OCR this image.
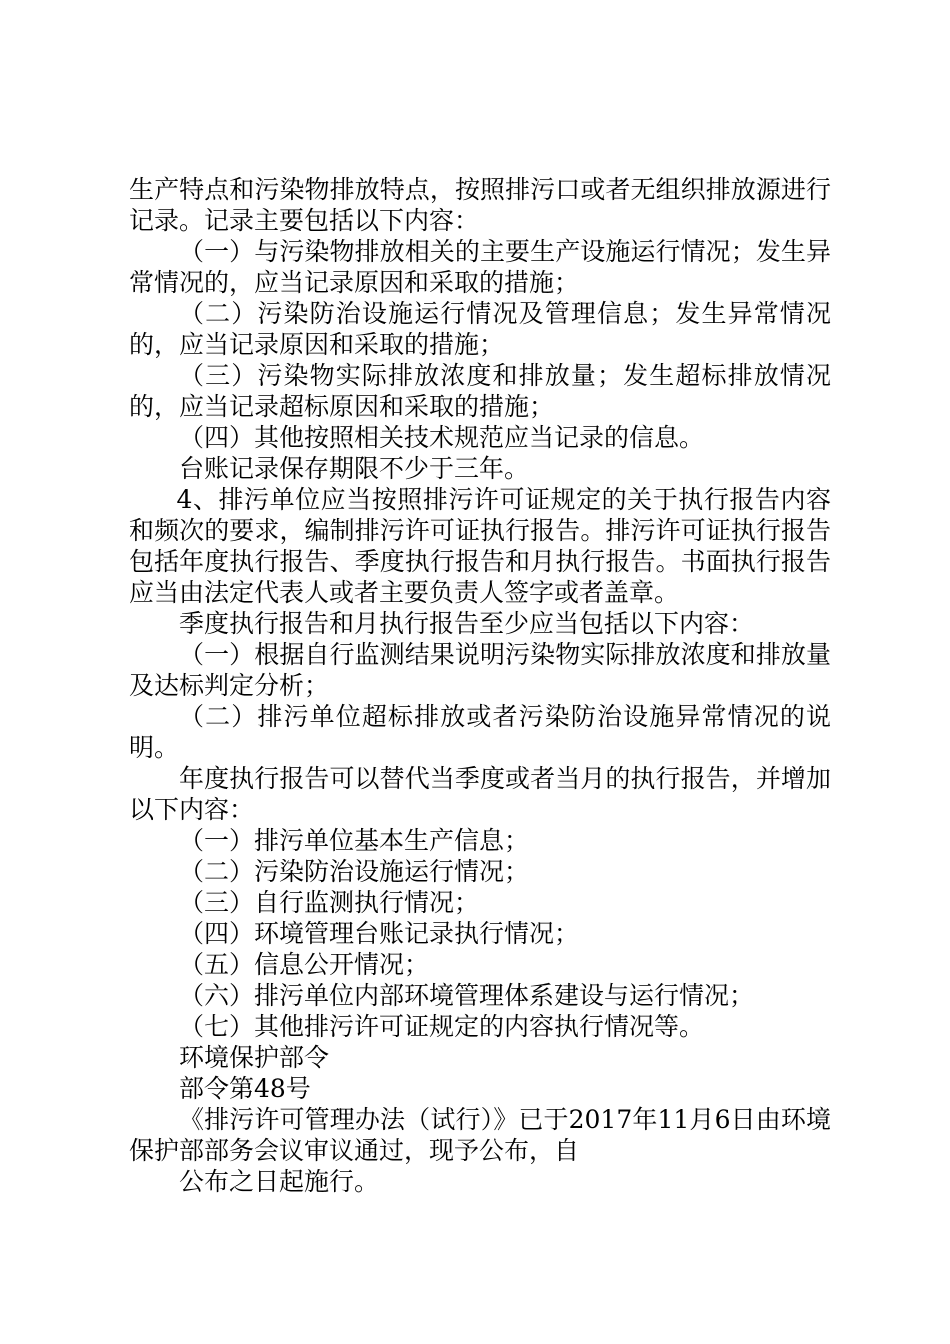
生产特点和污染物排放特点，按照排污口或者无组织排放源进行记录。记录主要包括以下内容：

（一）与污染物排放相关的主要生产设施运行情况；发生异常情况的，应当记录原因和采取的措施；

（二）污染防治设施运行情况及管理信息；发生异常情况的，应当记录原因和采取的措施；

（三）污染物实际排放浓度和排放量；发生超标排放情况的，应当记录超标原因和采取的措施；

（四）其他按照相关技术规范应当记录的信息。

台账记录保存期限不少于三年。

4、排污单位应当按照排污许可证规定的关于执行报告内容和频次的要求，编制排污许可证执行报告。排污许可证执行报告包括年度执行报告、季度执行报告和月执行报告。书面执行报告应当由法定代表人或者主要负责人签字或者盖章。

季度执行报告和月执行报告至少应当包括以下内容：

（一）根据自行监测结果说明污染物实际排放浓度和排放量及达标判定分析；

（二）排污单位超标排放或者污染防治设施异常情况的说明。

年度执行报告可以替代当季度或者当月的执行报告，并增加以下内容：

（一）排污单位基本生产信息；

（二）污染防治设施运行情况；

（三）自行监测执行情况；

（四）环境管理台账记录执行情况；

（五）信息公开情况；

（六）排污单位内部环境管理体系建设与运行情况；

（七）其他排污许可证规定的内容执行情况等。

环境保护部令

部令第48号

《排污许可管理办法（试行）》已于2017年11月6日由环境保护部部务会议审议通过，现予公布，自

公布之日起施行。
